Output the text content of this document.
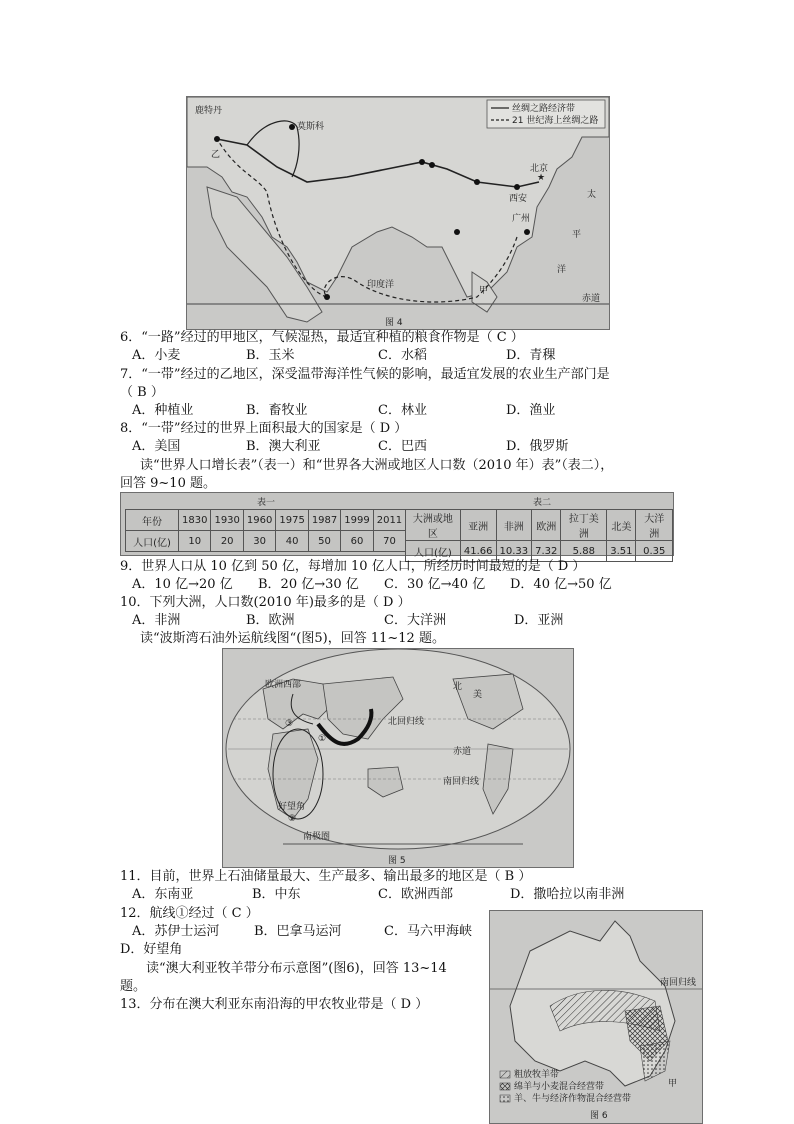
★
丝绸之路经济带
21 世纪海上丝绸之路
鹿特丹
莫斯科
北京
西安
广州
印度洋
太
平
洋
乙
甲
赤道
图 4
6．“一路”经过的甲地区，气候湿热，最适宜种植的粮食作物是（ C ）
A．小麦	B．玉米	C．水稻	D．青稞
7．“一带”经过的乙地区，深受温带海洋性气候的影响，最适宜发展的农业生产部门是
（ B ）
A．种植业	B．畜牧业	C．林业	D．渔业
8．“一带”经过的世界上面积最大的国家是（ D ）
A．美国	B．澳大利亚	C．巴西	D．俄罗斯
读“世界人口增长表”（表一）和“世界各大洲或地区人口数（2010 年）表”（表二），
回答 9~10 题。
表一	表二
年份	1830	1930	1960	1975	1987	1999	2011
人口(亿)	10	20	30	40	50	60	70
大洲或地区	亚洲	非洲	欧洲	拉丁美洲	北美	大洋洲
人口(亿)	41.66	10.33	7.32	5.88	3.51	0.35
9．世界人口从 10 亿到 50 亿，每增加 10 亿人口，所经历时间最短的是（ D ）
A．10 亿→20 亿 B．20 亿→30 亿 C．30 亿→40 亿 D．40 亿→50 亿
10．下列大洲，人口数(2010 年)最多的是（ D ）
A．非洲	B．欧洲	C．大洋洲	D．亚洲
读“波斯湾石油外运航线图“(图5)，回答 11~12 题。
北
美
欧洲西部
北回归线
赤道
南回归线
好望角
南极圈
①
②
③
图 5
11．目前，世界上石油储量最大、生产最多、输出最多的地区是（ B ）
A．东南亚	B．中东	C．欧洲西部	D．撒哈拉以南非洲
12．航线①经过（ C ）
A．苏伊士运河	B．巴拿马运河	C．马六甲海峡
D．好望角
读“澳大利亚牧羊带分布示意图”(图6)，回答 13~14
题。
13．分布在澳大利亚东南沿海的甲农牧业带是（ D ）
南回归线
甲
粗放牧羊带
绵羊与小麦混合经营带
羊、牛与经济作物混合经营带
图 6
